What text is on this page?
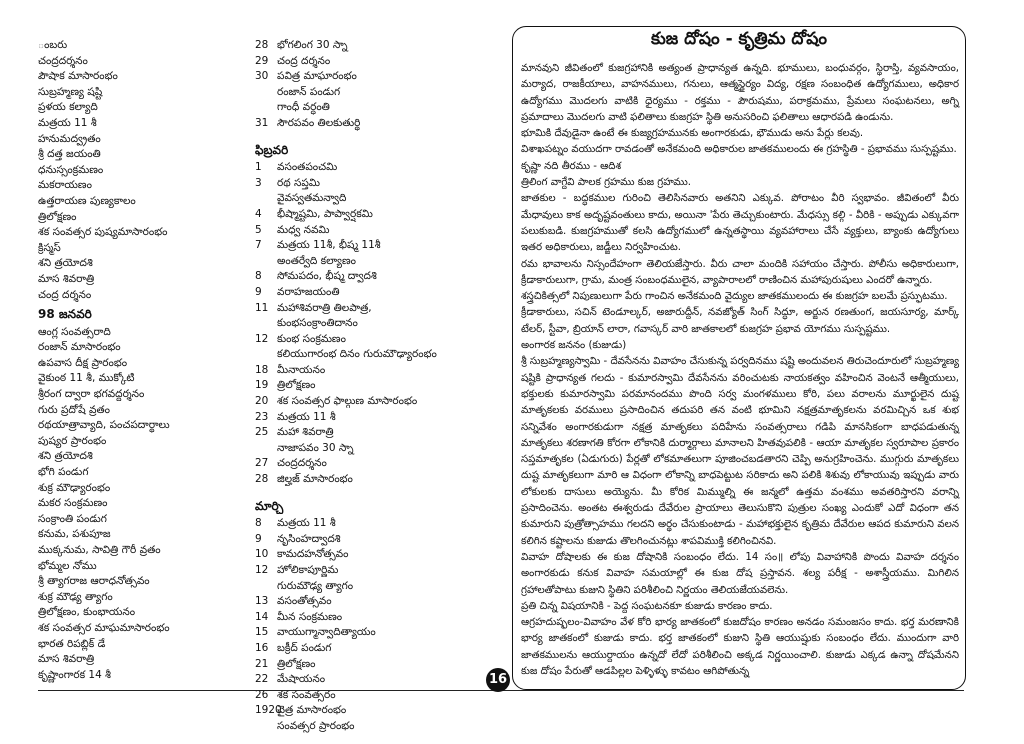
ంబరు
చంద్రదర్శనం
పౌషాక మాసారంభం
సుబ్రహ్మణ్య షష్టి
ప్రళయ కల్యాది
మత్రయ 11 శీ
హనుమద్వ్రతం
శ్రీ దత్త జయంతి
ధనుస్సంక్రమణం
మకరాయణం
ఉత్తరాయణ పుణ్యకాలం
త్రిలోక్షణం
శక సంవత్సర పుష్యమాసారంభం
క్రిస్మస్
శని త్రయోదశి
మాస శివరాత్రి
చంద్ర దర్శనం
98 జనవరి
ఆంగ్ల సంవత్సరాది
రంజాన్ మాసారంభం
ఉపవాస దీక్ష ప్రారంభం
వైకుంఠ 11 శీ, ముక్కోటి
శ్రీరంగ ద్వారా భగవద్దర్శనం
గురు ప్రదోషే వ్రతం
రథయాత్రావ్యాది, పంచపదార్థాలు
పుష్యర ప్రారంభం
శని త్రయోదశి
భోగి పండుగ
శుక్ర మౌఢ్యారంభం
మకర సంక్రమణం
సంక్రాంతి పండుగ
కనుమ, పశుపూజ
ముక్కనుమ, సావిత్రి గౌరీ వ్రతం
భోమ్మల నోము
శ్రీ త్యాగరాజ ఆరాధనోత్సవం
శుక్ర మౌఢ్య త్యాగం
త్రిలోక్షణం, కుంభాయనం
శక సంవత్సర మాఘమాసారంభం
భారత రిపబ్లిక్ డే
మాస శివరాత్రి
కృష్ణాంగారక 14 శీ
28 భోగలింగ 30 స్నా
29 చంద్ర దర్శనం
30 పవిత్ర మాఘారంభం
రంజాన్ పండుగ
గాంధీ వర్ధంతి
31 సౌరపవం తిలకుతుర్థి
ఫిబ్రవరి
1 వసంతపంచమి
3 రథ సప్తమి
వైవస్వతమన్వాది
4 భీష్మాష్టమి, పాప్వార్షకమి
5 మధ్వ నవమి
7 మత్రయ 11శీ, భీష్మ 11శీ
అంతర్వేది కల్యాణం
8 సోమపదం, భీష్మ ద్వాదశి
9 వరాహజయంతి
11 మహాశివరాత్రి తిలపాత్ర,
కుంభసంక్రాంతిదానం
12 కుంభ సంక్రమణం
కలియుగారంభ దినం గురుమౌఢ్యారంభం
18 మీనాయనం
19 త్రిలోక్షణం
20 శక సంవత్సర ఫాల్గుణ మాసారంభం
23 మత్రయ 11 శీ
25 మహా శివరాత్రి
నాజాపవం 30 స్నా
27 చంద్రదర్శనం
28 జిల్హజ్ మాసారంభం
మార్చి
8 మత్రయ 11 శీ
9 నృసింహద్వాదశి
10 కామదహనోత్సవం
12 హోలికాపూర్ణిమ
గురుమౌఢ్య త్యాగం
13 వసంతోత్సవం
14 మీన సంక్రమణం
15 వాయుగ్మాన్వాదిత్యాయం
16 బక్రీద్ పండుగ
21 త్రిలోక్షణం
22 మేషాయనం
26 శక సంవత్సరం
1920చైత్ర మాసారంభం
సంవత్సర ప్రారంభం
కుజ దోషం - కృత్రిమ దోషం

మానవుని జీవితంలో కుజగ్రహానికి అత్యంత ప్రాధాన్యత ఉన్నది. భూములు, బంధువర్గం, స్థిరాస్తి, వ్యవసాయం, మర్యాద, రాజకీయాలు, వాహనములు, గనులు, ఆత్మస్థైర్యం విద్య, రక్షణ సంబంధిత ఉద్యోగములు, అధికార ఉద్యోగము మొదలగు వాటికి ధైర్యము - రక్తము - పౌరుషము, పరాక్రమము, ప్రేమలు సంఘటనలు, అగ్ని ప్రమాదాలు మొదలగు వాటి ఫలితాలు కుజగ్రహ స్థితి అనుసరించి ఫలితాలు ఆధారపడి ఉండును.

భూమికి దేవుడైనా ఉంటే ఈ కుజ్యగ్రహమునకు అంగారకుడు, భౌముడు అను పేర్లు కలవు.

విశాఖపట్నం వయుదగా రావడంతో అనేకమంది అధికారుల జాతకములందు ఈ గ్రహస్థితి - ప్రభావము సుస్పష్టము.

కృష్ణా నది తీరము - ఆదిశ

త్రిలింగ వాగ్దేవి పాలక గ్రహము కుజ గ్రహము.

జాతకుల - బద్ధకముల గురించి తెలిసినవారు అతనిని ఎక్కువ. పోరాటం వీరి స్వభావం. జీవితంలో వీరు మేధావులు కాక అదృష్టవంతులు కాదు, అయినా 'పేరు తెచ్చుకుంటారు. మేధస్సు కల్గి - వీరికి - అప్పుడు ఎక్కువగా పలుకుబడి. కుజగ్రహముతో కలసి ఉద్యోగములో ఉన్నతస్థాయి వ్యవహారాలు చేసే వ్యక్తులు, బ్యాంకు ఉద్యోగులు ఇతర అధికారులు, జడ్జీలు నిర్వహించుట.

రమ భావాలను నిస్సందేహంగా తెలియజేస్తారు. వీరు చాలా మందికి సహాయం చేస్తారు. పోలీసు అధికారులుగా, క్రీడాకారులుగా, గ్రామ, మంత్ర సంబంధములైన, వ్యాపారాలలో రాణించిన మహాపురుషులు ఎందరో ఉన్నారు.

శస్త్రచికిత్సలో నిపుణులుగా పేరు గాంచిన అనేకమంది వైద్యుల జాతకములందు ఈ కుజగ్రహ బలమే ప్రస్ఫుటము.

క్రీడాకారులు, సచిన్ టెండూల్కర్, అజారుద్దీన్, నవజ్యోత్ సింగ్ సిద్ధూ, అర్జున రణతుంగ, జయసూర్య, మార్క్ టేలర్, స్టీవా, బ్రియాన్ లారా, గవాస్కర్ వారి జాతకాలలో కుజగ్రహ ప్రభావ యోగము సుస్పష్టము.

అంగారక జననం (కుజుడు)

శ్రీ సుబ్రహ్మణ్యస్వామి - దేవసేనను వివాహం చేసుకున్న పర్వదినము షష్టి అందువలన తిరుచెందూరులో సుబ్రహ్మణ్య షష్టికి ప్రాధాన్యత గలదు - కుమారస్వామి దేవసేనను వరించుటకు నాయకత్వం వహించిన వెంటనే ఆత్మీయులు, భక్తులకు కుమారస్వామి పరమానందము పొంది సర్వ మంగళములు కోరి, పలు వరాలను మూర్ఖులైన దుష్ట మాతృకలకు వరములు ప్రసాదించిన తదుపరి తన వంటి భూమిని నక్షత్రమాతృకలను వరమిచ్చిన ఒక శుభ సన్నివేశం అంగారకుడుగా నక్షత్ర మాతృకలు పదిహేను సంవత్సరాలు గడిపి మానసికంగా బాధపడుతున్న మాతృకలు శరణాగతి కోరగా లోకానికి దుర్మార్గాలు మానాలని హితవుపలికి - ఆయా మాతృకల స్వరూపాల ప్రకారం సప్తమాతృకల (ఏడుగురు) పేర్లతో లోకమాతలుగా పూజించబడతారని చెప్పి అనుగ్రహించెను. ముగ్గురు మాతృకలు దుష్ట మాతృకలుగా మారి ఆ విధంగా లోకాన్ని బాధపెట్టుట సరికాదు అని పలికి శిశువు లోకాయువు ఇప్పుడు వారు లోకులకు దాసులు అయ్యెను. మీ కోరిక మిమ్ముల్ని ఈ జన్మలో ఉత్తమ వంశము అవతరిస్తారని వరాన్ని ప్రసాదించెను. అంతట ఈశ్వరుడు దేవేరుల ప్రాయాలు తెలుసుకొని పుత్రుల సంఖ్య ఎందుకో ఎదో విధంగా తన కుమారుని పుత్రోత్సాహము గలదని అర్థం చేసుకుంటాడు - మహాభక్తులైన కృత్రిమ దేవేరుల ఆపద కుమారుని వలన కలిగిన కష్టాలను కుజుడు తొలగించునట్లు శాపవిముక్తి కలిగించినవి.

వివాహ దోషాలకు ఈ కుజ దోషానికి సంబంధం లేదు. 14 సం॥ లోపు వివాహానికి పొందు వివాహ దర్శనం అంగారకుడు కనుక వివాహ సమయాల్లో ఈ కుజ దోష ప్రస్తావన. శల్య పరీక్ష - అశాస్త్రీయము. మిగిలిన గ్రహాలతోపాటు కుజుని స్థితిని పరిశీలించి నిర్ణయం తెలియజేయవలెను.

ప్రతి చిన్న విషయానికి - పెద్ద సంఘటనకూ కుజుడు కారణం కాదు.

ఆగ్రహదుష్ఫలం-వివాహం వేళ కోరి భార్య జాతకంలో కుజదోషం కారణం అనడం సమంజసం కాదు. భర్త మరణానికి భార్య జాతకంలో కుజుడు కాదు. భర్త జాతకంలో కుజుని స్థితి ఆయుష్షుకు సంబంధం లేదు. ముందుగా వారి జాతకములను ఆయుర్దాయం ఉన్నదో లేదో పరిశీలించి అక్కడ నిర్ణయించాలి. కుజుడు ఎక్కడ ఉన్నా దోషమేనని కుజ దోషం పేరుతో ఆడపిల్లల పెళ్ళిళ్ళు కావటం ఆగిపోతున్న

16
